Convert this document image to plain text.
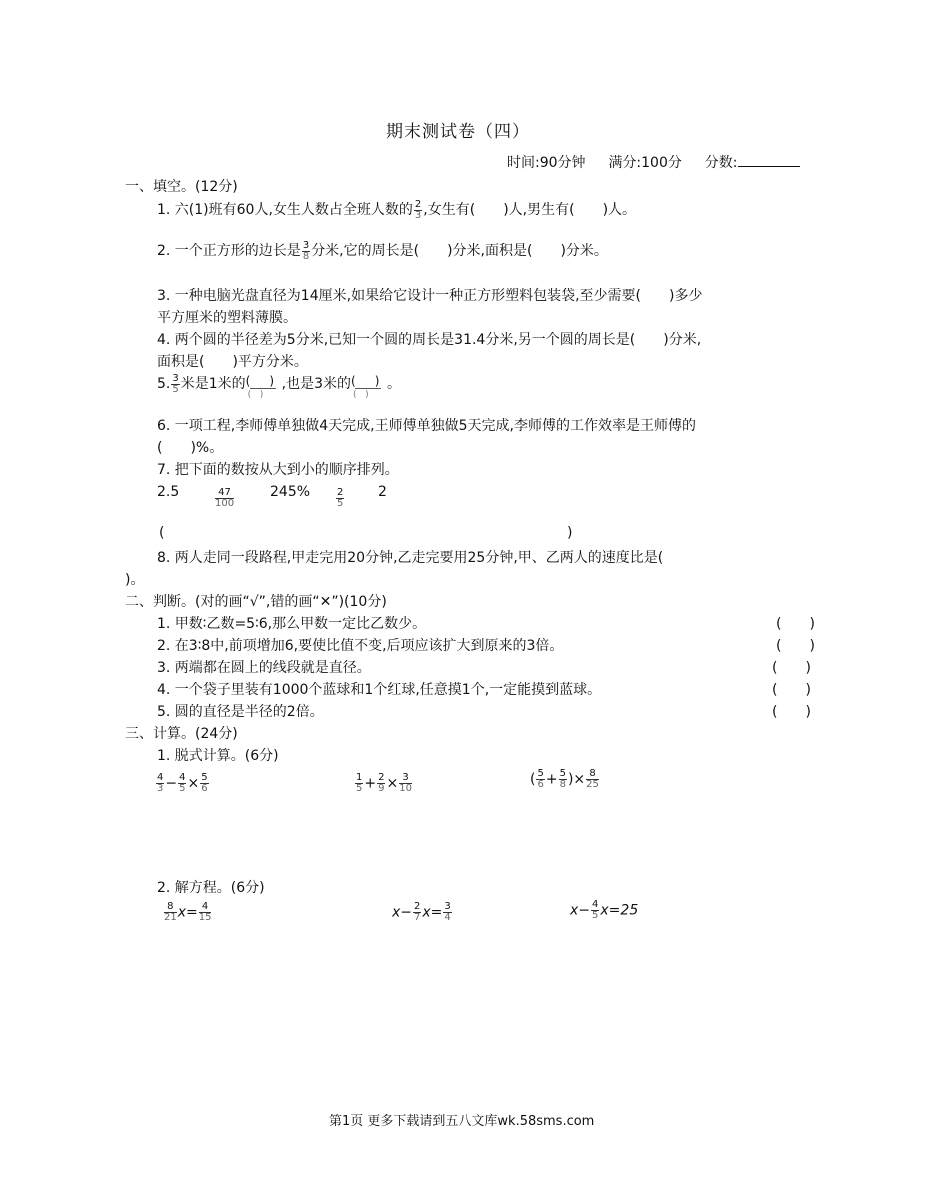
期末测试卷（四）
时间:90分钟 满分:100分 分数:
一、填空。(12分)
1. 六(1)班有60人,女生人数占全班人数的 $\frac{2}{3}$ ,女生有(　　)人,男生有(　　)人。
2. 一个正方形的边长是 $\frac{3}{8}$ 分米,它的周长是(　　)分米,面积是(　　)分米。
3. 一种电脑光盘直径为14厘米,如果给它设计一种正方形塑料包装袋,至少需要(　　)多少
平方厘米的塑料薄膜。
4. 两个圆的半径差为5分米,已知一个圆的周长是31.4分米,另一个圆的周长是(　　)分米,
面积是(　　)平方分米。
5. $\frac{3}{5}$ 米是1米的 $\frac{( )}{( )}$ ,也是3米的 $\frac{( )}{( )}$ 。
6. 一项工程,李师傅单独做4天完成,王师傅单独做5天完成,李师傅的工作效率是王师傅的
(　　)%。
7. 把下面的数按从大到小的顺序排列。
2.5	$\frac{47}{100}$	245%	$\frac{2}{5} 2$
(	)
8. 两人走同一段路程,甲走完用20分钟,乙走完要用25分钟,甲、乙两人的速度比是(
)。
二、判断。(对的画“√”,错的画“✕”)(10分)
1. 甲数∶乙数=5∶6,那么甲数一定比乙数少。	(　　)
2. 在3∶8中,前项增加6,要使比值不变,后项应该扩大到原来的3倍。	(　　)
3. 两端都在圆上的线段就是直径。	(　　)
4. 一个袋子里装有1000个蓝球和1个红球,任意摸1个,一定能摸到蓝球。	(　　)
5. 圆的直径是半径的2倍。	(　　)
三、计算。(24分)
1. 脱式计算。(6分)
$\frac{4}{3} - \frac{4}{5} \times \frac{5}{6}$	$\frac{1}{5} + \frac{2}{9} \times \frac{3}{10}$	( $\frac{5}{6} + \frac{5}{8}$ )× $\frac{8}{25}$
2. 解方程。(6分)
$\frac{8}{21} x= \frac{4}{15}$	$x- \frac{2}{7} x= \frac{3}{4}$	$x- \frac{4}{5} x=25$
第1页 更多下载请到五八文库wk.58sms.com
